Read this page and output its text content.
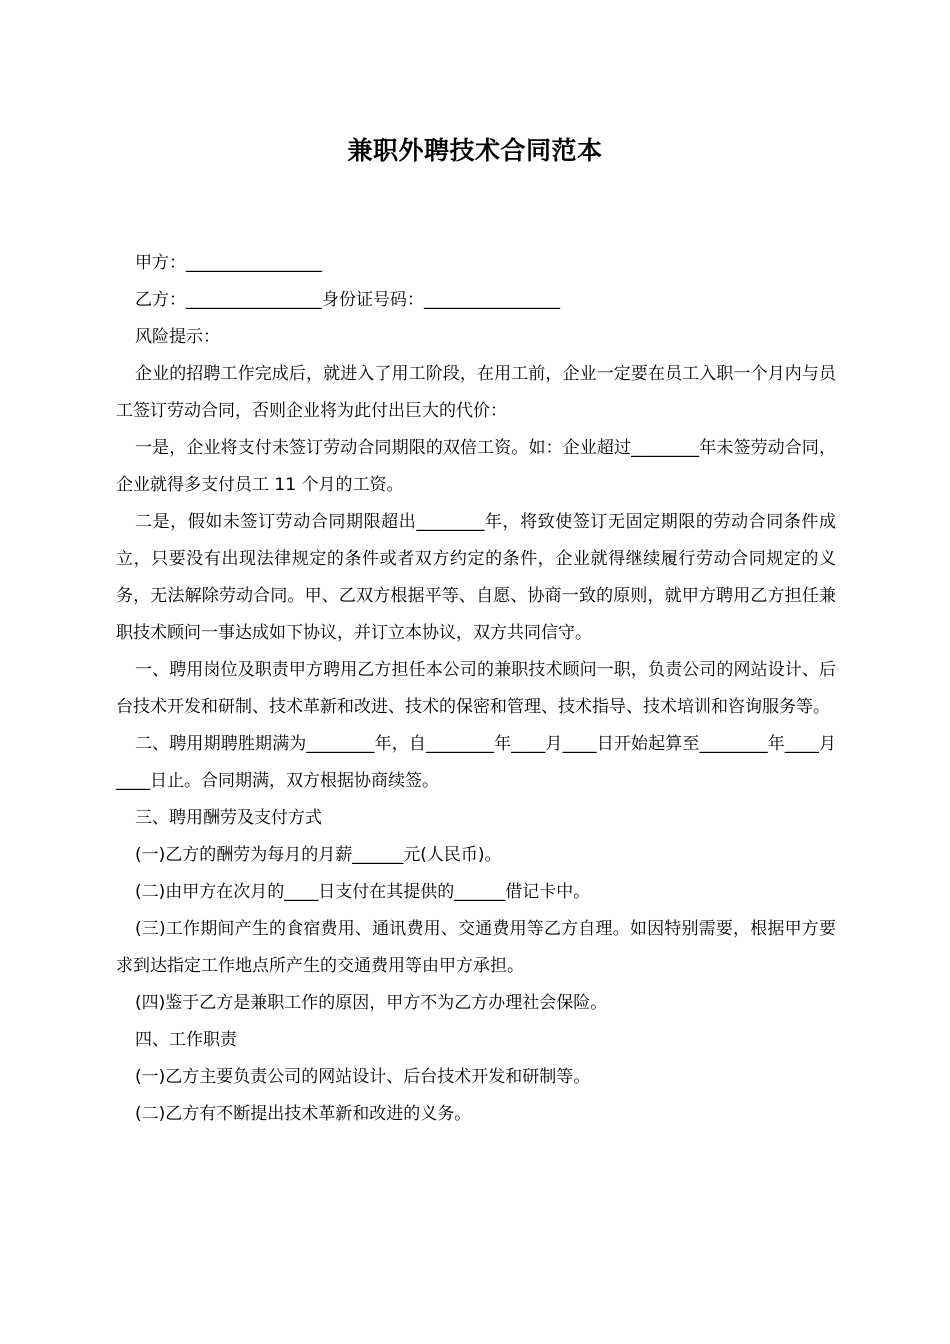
兼职外聘技术合同范本

甲方：________________

乙方：________________身份证号码：________________

风险提示：

企业的招聘工作完成后，就进入了用工阶段，在用工前，企业一定要在员工入职一个月内与员工签订劳动合同，否则企业将为此付出巨大的代价：

一是，企业将支付未签订劳动合同期限的双倍工资。如：企业超过________年未签劳动合同，企业就得多支付员工 11 个月的工资。

二是，假如未签订劳动合同期限超出________年，将致使签订无固定期限的劳动合同条件成立，只要没有出现法律规定的条件或者双方约定的条件，企业就得继续履行劳动合同规定的义务，无法解除劳动合同。甲、乙双方根据平等、自愿、协商一致的原则，就甲方聘用乙方担任兼职技术顾问一事达成如下协议，并订立本协议，双方共同信守。

一、聘用岗位及职责甲方聘用乙方担任本公司的兼职技术顾问一职，负责公司的网站设计、后台技术开发和研制、技术革新和改进、技术的保密和管理、技术指导、技术培训和咨询服务等。

二、聘用期聘胜期满为________年，自________年____月____日开始起算至________年____月____日止。合同期满，双方根据协商续签。

三、聘用酬劳及支付方式

(一)乙方的酬劳为每月的月薪______元(人民币)。

(二)由甲方在次月的____日支付在其提供的______借记卡中。

(三)工作期间产生的食宿费用、通讯费用、交通费用等乙方自理。如因特别需要，根据甲方要求到达指定工作地点所产生的交通费用等由甲方承担。

(四)鉴于乙方是兼职工作的原因，甲方不为乙方办理社会保险。

四、工作职责

(一)乙方主要负责公司的网站设计、后台技术开发和研制等。

(二)乙方有不断提出技术革新和改进的义务。
